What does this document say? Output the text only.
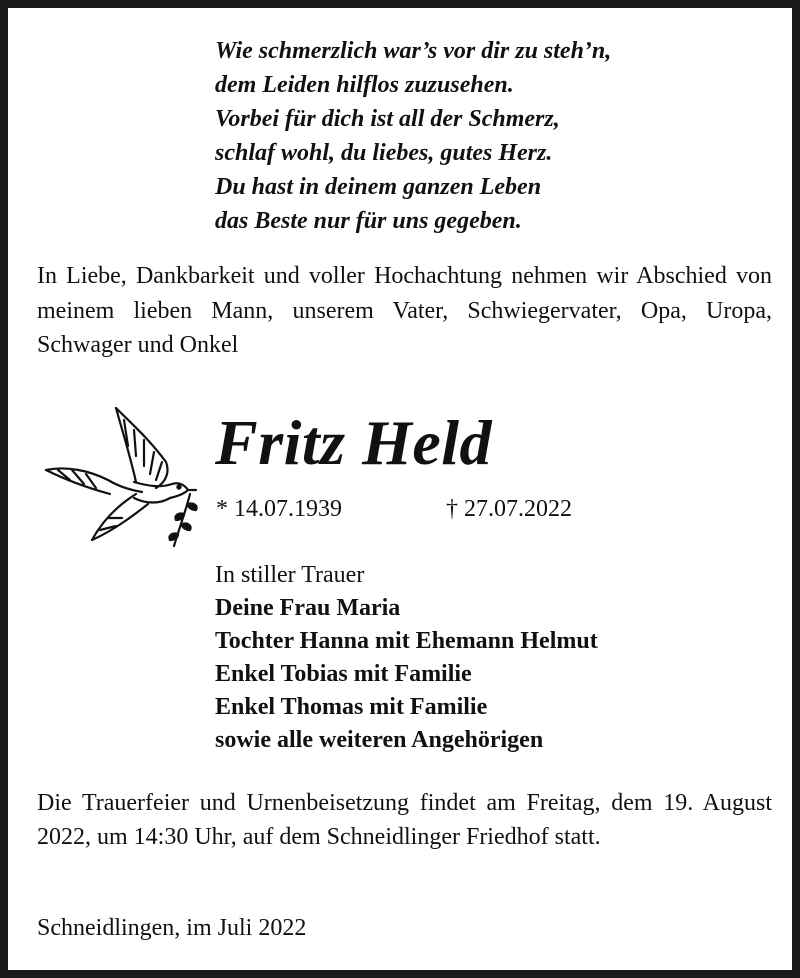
Wie schmerzlich war’s vor dir zu steh’n,
dem Leiden hilflos zuzusehen.
Vorbei für dich ist all der Schmerz,
schlaf wohl, du liebes, gutes Herz.
Du hast in deinem ganzen Leben
das Beste nur für uns gegeben.
In Liebe, Dankbarkeit und voller Hochachtung nehmen wir Abschied von meinem lieben Mann, unserem Vater, Schwiegervater, Opa, Uropa, Schwager und Onkel
Fritz Held
* 14.07.1939	† 27.07.2022
In stiller Trauer
Deine Frau Maria
Tochter Hanna mit Ehemann Helmut
Enkel Tobias mit Familie
Enkel Thomas mit Familie
sowie alle weiteren Angehörigen
Die Trauerfeier und Urnenbeisetzung findet am Freitag, dem 19. August 2022, um 14:30 Uhr, auf dem Schneidlinger Friedhof statt.
Schneidlingen, im Juli 2022
